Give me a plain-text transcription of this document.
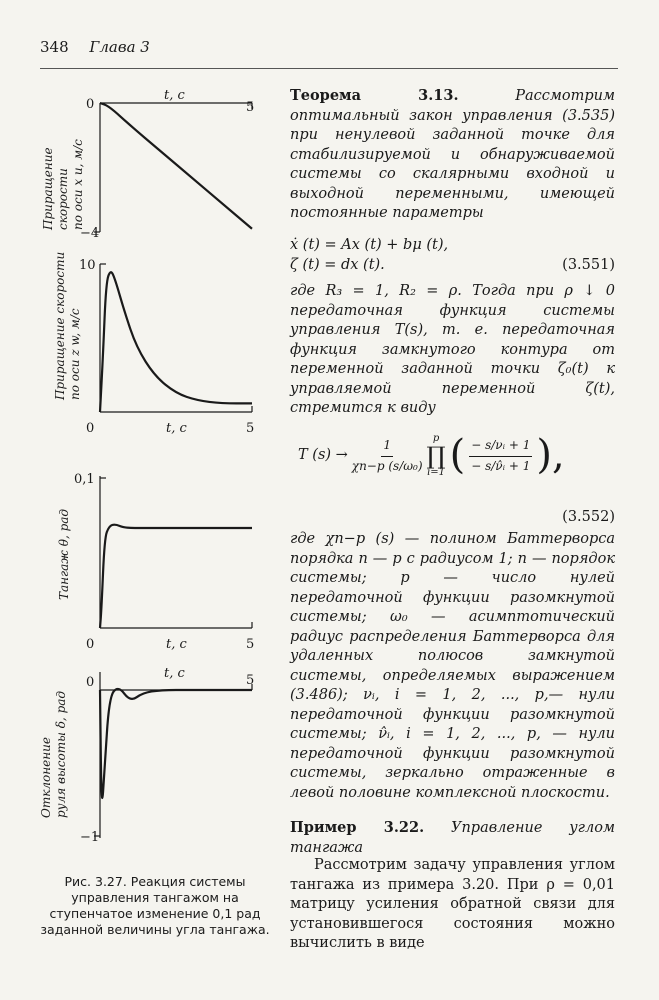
348 Глава 3
0
−4
t, c
5
Приращение скорости по оси x u, м/с
10
0	t, c	5
Приращение скорости по оси z w, м/с
0,1
0	t, c	5
Тангаж θ, рад
0
−1
t, c	5
Отклонение руля высоты δ, рад
Рис. 3.27. Реакция системы управления тангажом на ступенчатое изменение 0,1 рад заданной величины угла тангажа.

Теорема 3.13.	Рассмотрим оптимальный закон управления (3.535) при ненулевой заданной точке для стабилизируемой и обнаруживаемой системы со скалярными входной и выходной переменными, имеющей постоянные параметры

ẋ (t) = Ax (t) + bμ (t),
ζ (t) = dx (t).	(3.551)

где R₃ = 1, R₂ = ρ. Тогда при ρ ↓ 0 передаточная функция системы управления T(s), т. е. передаточная функция замкнутого контура от переменной заданной точки ζ₀(t) к управляемой переменной ζ(t), стремится к виду

T $(s) \to \frac{1}{\text{χn−p (s/ω₀)}}$ p
∏
i=1 ( $\frac{\text{− s/νᵢ + 1}}{\text{− s/ν̂ᵢ + 1}}$ ),
(3.552)

где χn−p (s) — полином Баттерворса порядка n — p с радиусом 1; n — порядок системы; p — число нулей передаточной функции разомкнутой системы; ω₀ — асимптотический радиус распределения Баттерворса для удаленных полюсов замкнутой системы, определяемых выражением (3.486); νᵢ, i = 1, 2, ..., p,— нули передаточной функции разомкнутой системы; ν̂ᵢ, i = 1, 2, ..., p, — нули передаточной функции разомкнутой системы, зеркально отраженные в левой половине комплексной плоскости.

Пример 3.22. Управление углом тангажа

Рассмотрим задачу управления углом тангажа из примера 3.20. При ρ = 0,01 матрицу усиления обратной связи для установившегося состояния можно вычислить в виде
